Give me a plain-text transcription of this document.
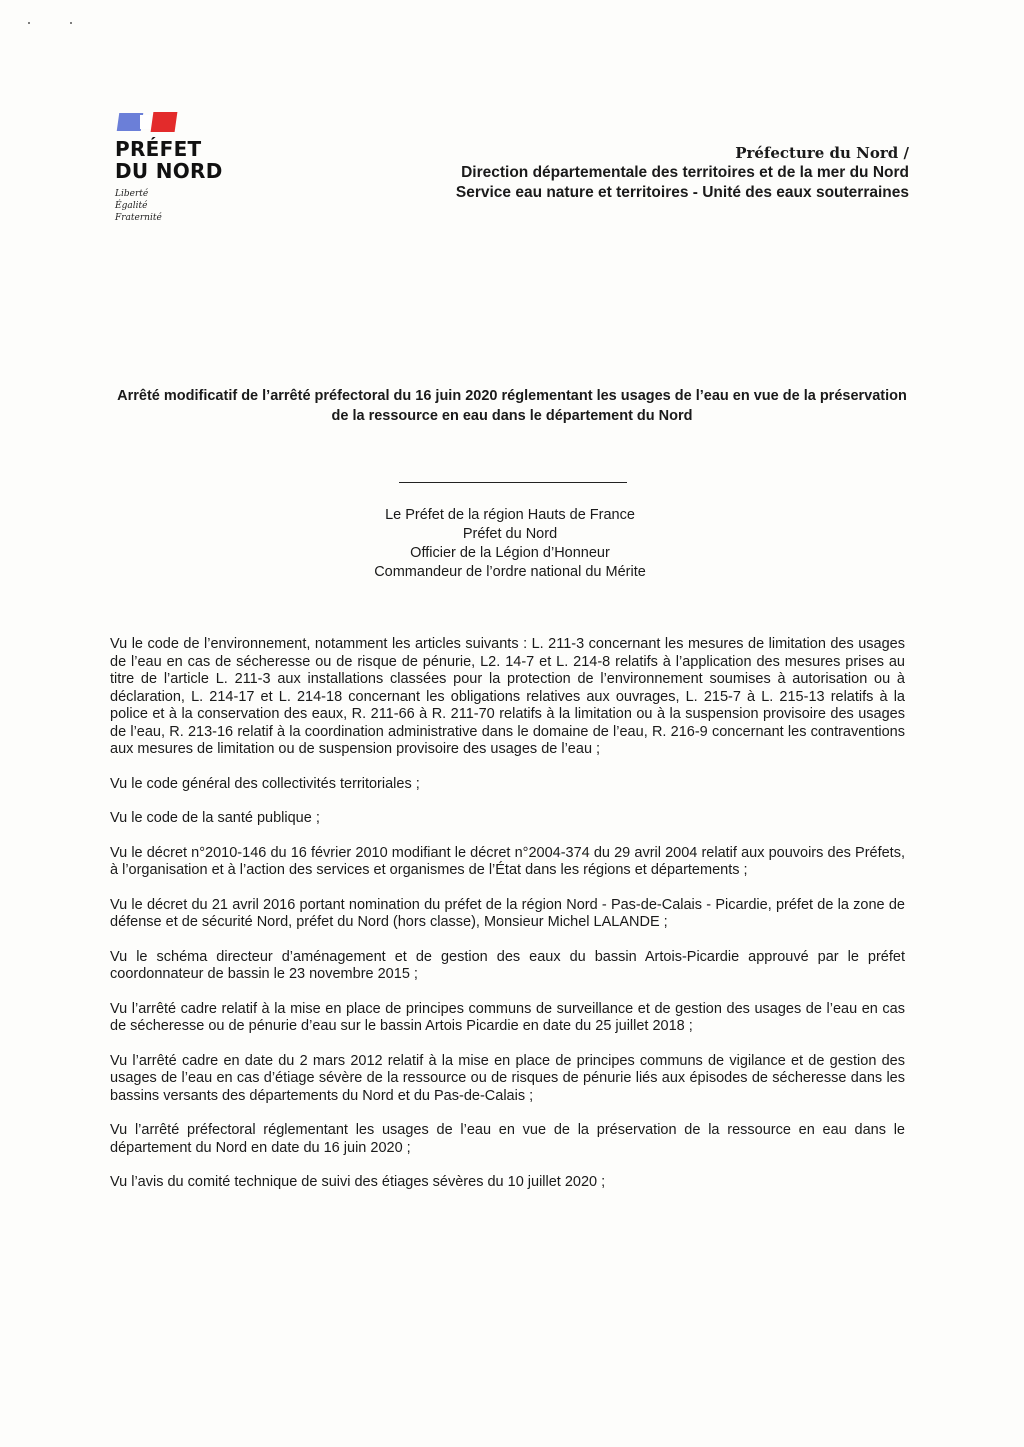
PRÉFET
DU NORD
Liberté
Égalité
Fraternité
Préfecture du Nord /
Direction départementale des territoires et de la mer du Nord
Service eau nature et territoires - Unité des eaux souterraines
Arrêté modificatif de l’arrêté préfectoral du 16 juin 2020 réglementant les usages de l’eau en vue de la préservation de la ressource en eau dans le département du Nord
Le Préfet de la région Hauts de France
Préfet du Nord
Officier de la Légion d’Honneur
Commandeur de l’ordre national du Mérite

Vu le code de l’environnement, notamment les articles suivants : L. 211-3 concernant les mesures de limitation des usages de l’eau en cas de sécheresse ou de risque de pénurie, L2. 14-7 et L. 214-8 relatifs à l’application des mesures prises au titre de l’article L. 211-3 aux installations classées pour la protection de l’environnement soumises à autorisation ou à déclaration, L. 214-17 et L. 214-18 concernant les obligations relatives aux ouvrages, L. 215-7 à L. 215-13 relatifs à la police et à la conservation des eaux, R. 211-66 à R. 211-70 relatifs à la limitation ou à la suspension provisoire des usages de l’eau, R. 213-16 relatif à la coordination administrative dans le domaine de l’eau, R. 216-9 concernant les contraventions aux mesures de limitation ou de suspension provisoire des usages de l’eau ;

Vu le code général des collectivités territoriales ;

Vu le code de la santé publique ;

Vu le décret n°2010-146 du 16 février 2010 modifiant le décret n°2004-374 du 29 avril 2004 relatif aux pouvoirs des Préfets, à l’organisation et à l’action des services et organismes de l’État dans les régions et départements ;

Vu le décret du 21 avril 2016 portant nomination du préfet de la région Nord - Pas-de-Calais - Picardie, préfet de la zone de défense et de sécurité Nord, préfet du Nord (hors classe), Monsieur Michel LALANDE ;

Vu le schéma directeur d’aménagement et de gestion des eaux du bassin Artois-Picardie approuvé par le préfet coordonnateur de bassin le 23 novembre 2015 ;

Vu l’arrêté cadre relatif à la mise en place de principes communs de surveillance et de gestion des usages de l’eau en cas de sécheresse ou de pénurie d’eau sur le bassin Artois Picardie en date du 25 juillet 2018 ;

Vu l’arrêté cadre en date du 2 mars 2012 relatif à la mise en place de principes communs de vigilance et de gestion des usages de l’eau en cas d’étiage sévère de la ressource ou de risques de pénurie liés aux épisodes de sécheresse dans les bassins versants des départements du Nord et du Pas-de-Calais ;

Vu l’arrêté préfectoral réglementant les usages de l’eau en vue de la préservation de la ressource en eau dans le département du Nord en date du 16 juin 2020 ;

Vu l’avis du comité technique de suivi des étiages sévères du 10 juillet 2020 ;
